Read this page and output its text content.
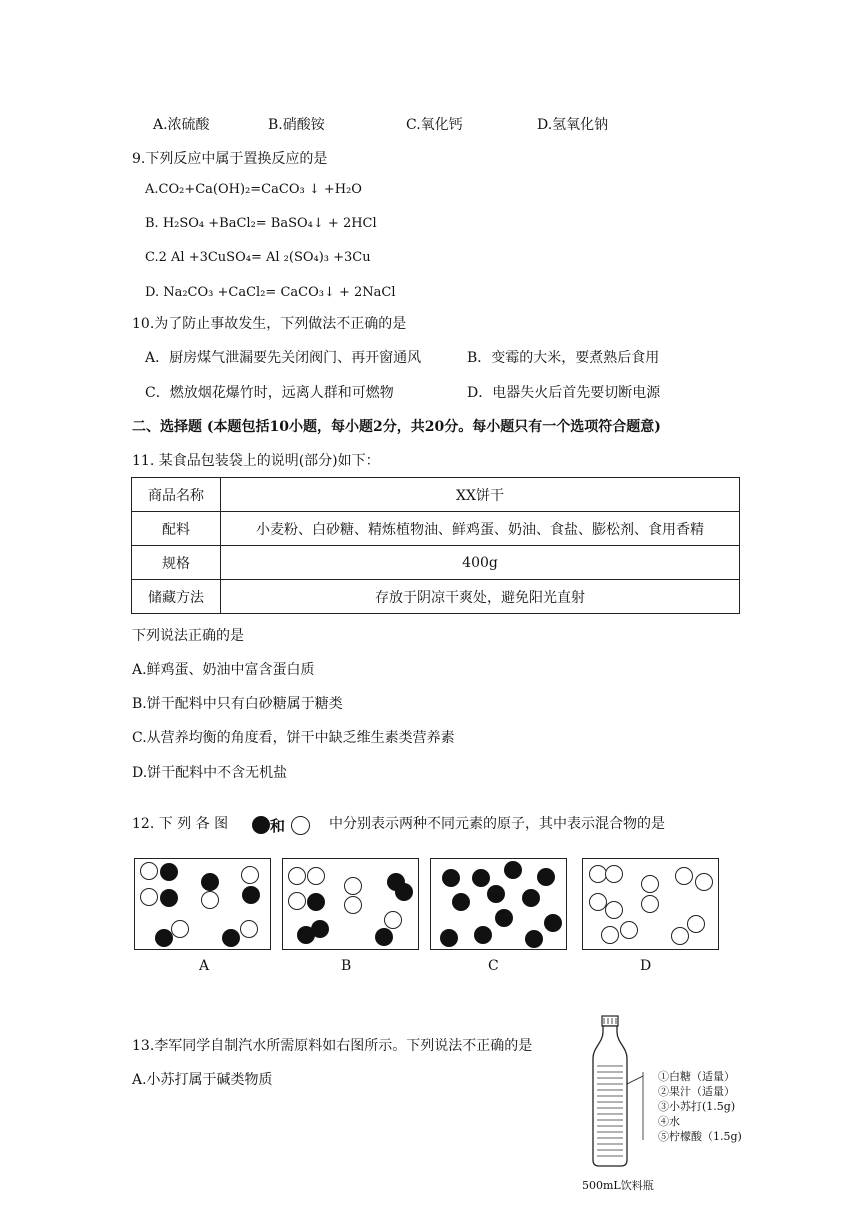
A.浓硫酸	B.硝酸铵	C.氧化钙	D.氢氧化钠
9.下列反应中属于置换反应的是
A.CO₂+Ca(OH)₂=CaCO₃ ↓ +H₂O
B. H₂SO₄ +BaCl₂= BaSO₄↓ + 2HCl
C.2 Al +3CuSO₄= Al ₂(SO₄)₃ +3Cu
D. Na₂CO₃ +CaCl₂= CaCO₃↓ + 2NaCl
10.为了防止事故发生，下列做法不正确的是
A．厨房煤气泄漏要先关闭阀门、再开窗通风	B．变霉的大米，要煮熟后食用
C．燃放烟花爆竹时，远离人群和可燃物	D．电器失火后首先要切断电源
二、选择题 (本题包括10小题，每小题2分，共20分。每小题只有一个选项符合题意)
11. 某食品包装袋上的说明(部分)如下：
商品名称	XX饼干
配料	小麦粉、白砂糖、精炼植物油、鲜鸡蛋、奶油、食盐、膨松剂、食用香精
规格	400g
储藏方法	存放于阴凉干爽处，避免阳光直射
下列说法正确的是
A.鲜鸡蛋、奶油中富含蛋白质
B.饼干配料中只有白砂糖属于糖类
C.从营养均衡的角度看，饼干中缺乏维生素类营养素
D.饼干配料中不含无机盐
12. 下 列 各 图	和	中分别表示两种不同元素的原子，其中表示混合物的是
A	B	C	D
13.李军同学自制汽水所需原料如右图所示。下列说法不正确的是
A.小苏打属于碱类物质	①白糖（适量）
②果汁（适量）
③小苏打(1.5g)
④水
⑤柠檬酸（1.5g)
500mL饮料瓶
